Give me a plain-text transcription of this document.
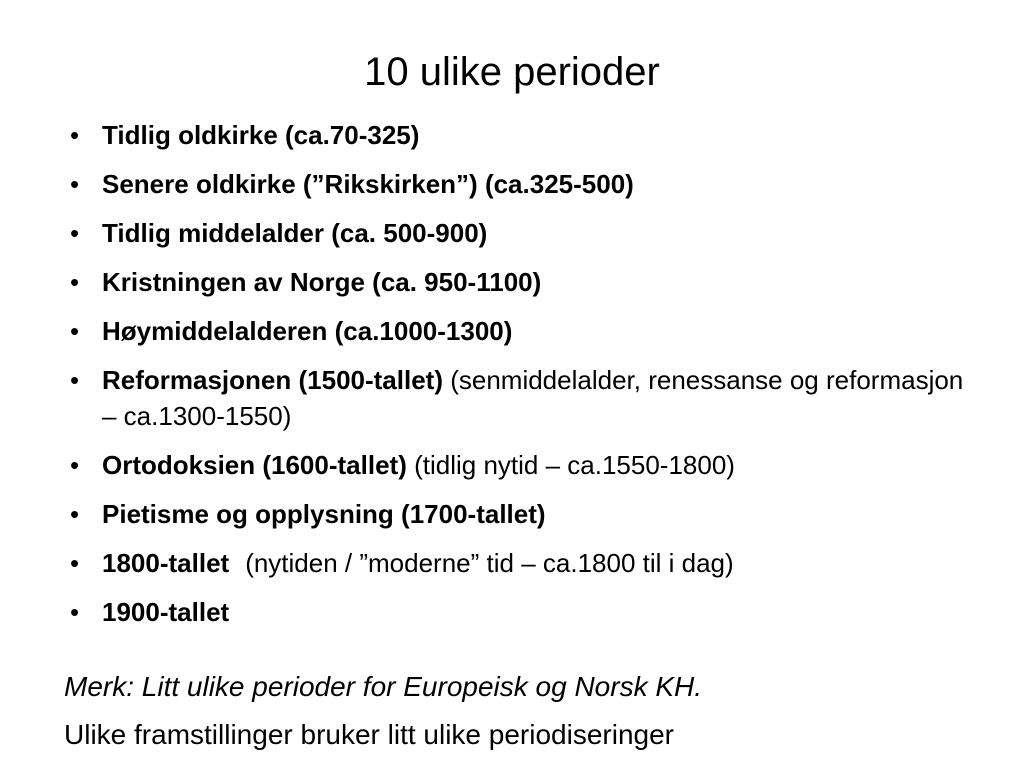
10 ulike perioder
• Tidlig oldkirke (ca.70-325)
• Senere oldkirke (”Rikskirken”) (ca.325-500)
• Tidlig middelalder (ca. 500-900)
• Kristningen av Norge (ca. 950-1100)
• Høymiddelalderen (ca.1000-1300)
• Reformasjonen (1500-tallet) (senmiddelalder, renessanse og reformasjon – ca.1300-1550)
• Ortodoksien (1600-tallet) (tidlig nytid – ca.1550-1800)
• Pietisme og opplysning (1700-tallet)
• 1800-tallet (nytiden / ”moderne” tid – ca.1800 til i dag)
• 1900-tallet
Merk: Litt ulike perioder for Europeisk og Norsk KH.
Ulike framstillinger bruker litt ulike periodiseringer
